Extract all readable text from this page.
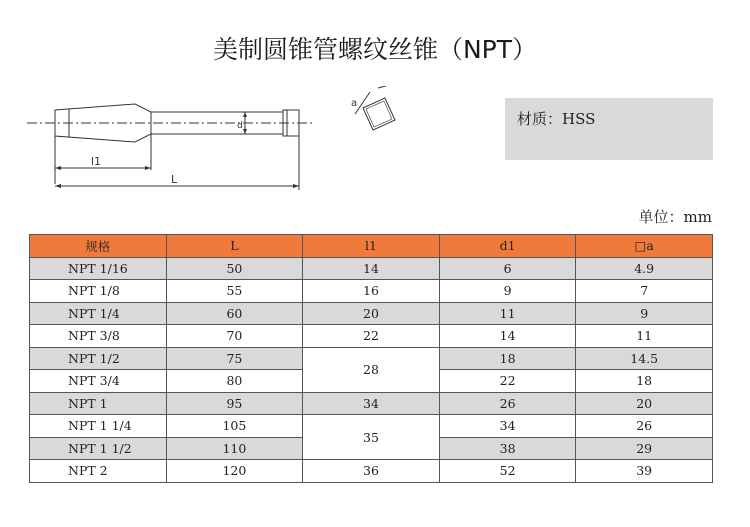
美制圆锥管螺纹丝锥（NPT）
d
l1
L
a
材质：HSS
单位：mm
规格	L	l1	d1	□a
NPT 1/16	50	14	6	4.9
NPT 1/8	55	16	9	7
NPT 1/4	60	20	11	9
NPT 3/8	70	22	14	11
NPT 1/2	75	28	18	14.5
NPT 3/4	80		22	18
NPT 1	95	34	26	20
NPT 1 1/4	105	35	34	26
NPT 1 1/2	110		38	29
NPT 2	120	36	52	39
